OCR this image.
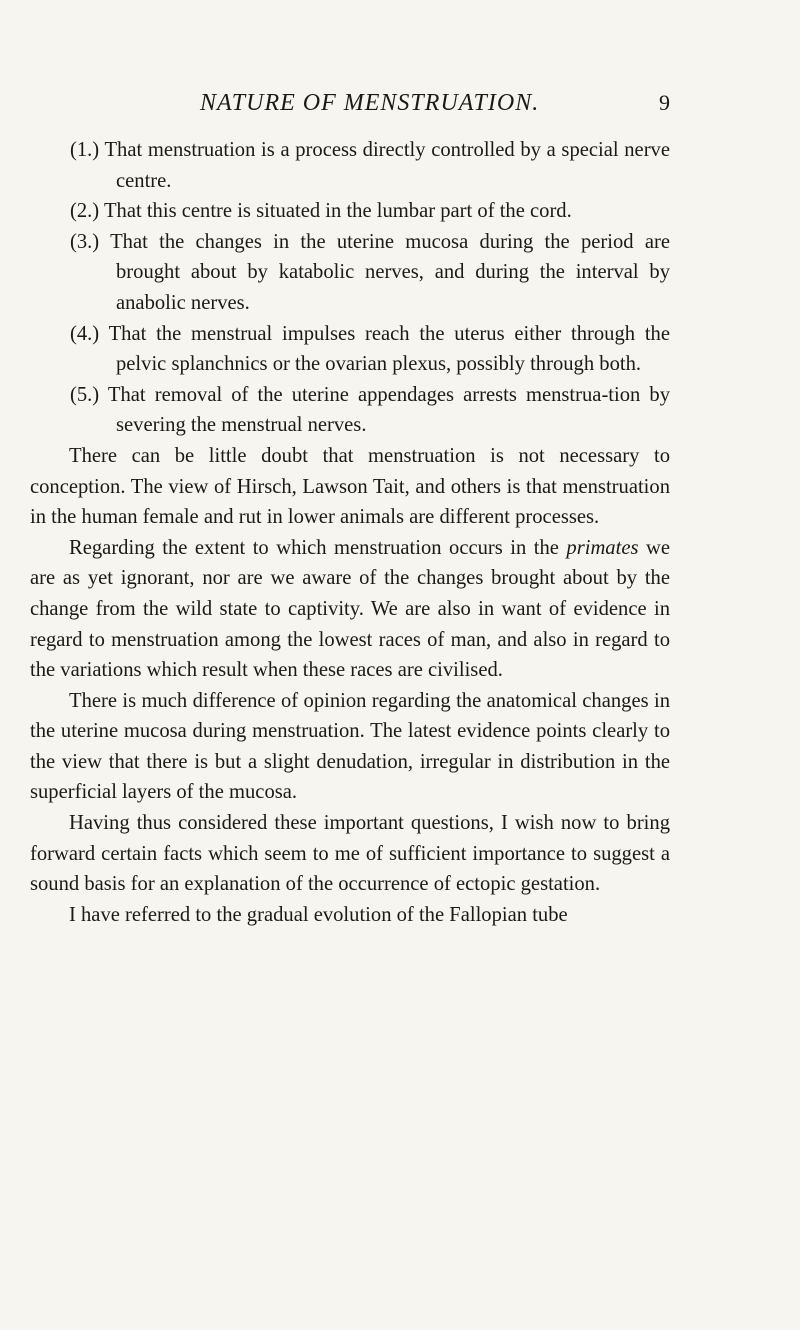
NATURE OF MENSTRUATION.	9

(1.) That menstruation is a process directly controlled by a special nerve centre.

(2.) That this centre is situated in the lumbar part of the cord.

(3.) That the changes in the uterine mucosa during the period are brought about by katabolic nerves, and during the interval by anabolic nerves.

(4.) That the menstrual impulses reach the uterus either through the pelvic splanchnics or the ovarian plexus, possibly through both.

(5.) That removal of the uterine appendages arrests menstrua-tion by severing the menstrual nerves.

There can be little doubt that menstruation is not necessary to conception. The view of Hirsch, Lawson Tait, and others is that menstruation in the human female and rut in lower animals are different processes.

Regarding the extent to which menstruation occurs in the primates we are as yet ignorant, nor are we aware of the changes brought about by the change from the wild state to captivity. We are also in want of evidence in regard to menstruation among the lowest races of man, and also in regard to the variations which result when these races are civilised.

There is much difference of opinion regarding the anatomical changes in the uterine mucosa during menstruation. The latest evidence points clearly to the view that there is but a slight denudation, irregular in distribution in the superficial layers of the mucosa.

Having thus considered these important questions, I wish now to bring forward certain facts which seem to me of sufficient importance to suggest a sound basis for an explanation of the occurrence of ectopic gestation.

I have referred to the gradual evolution of the Fallopian tube
